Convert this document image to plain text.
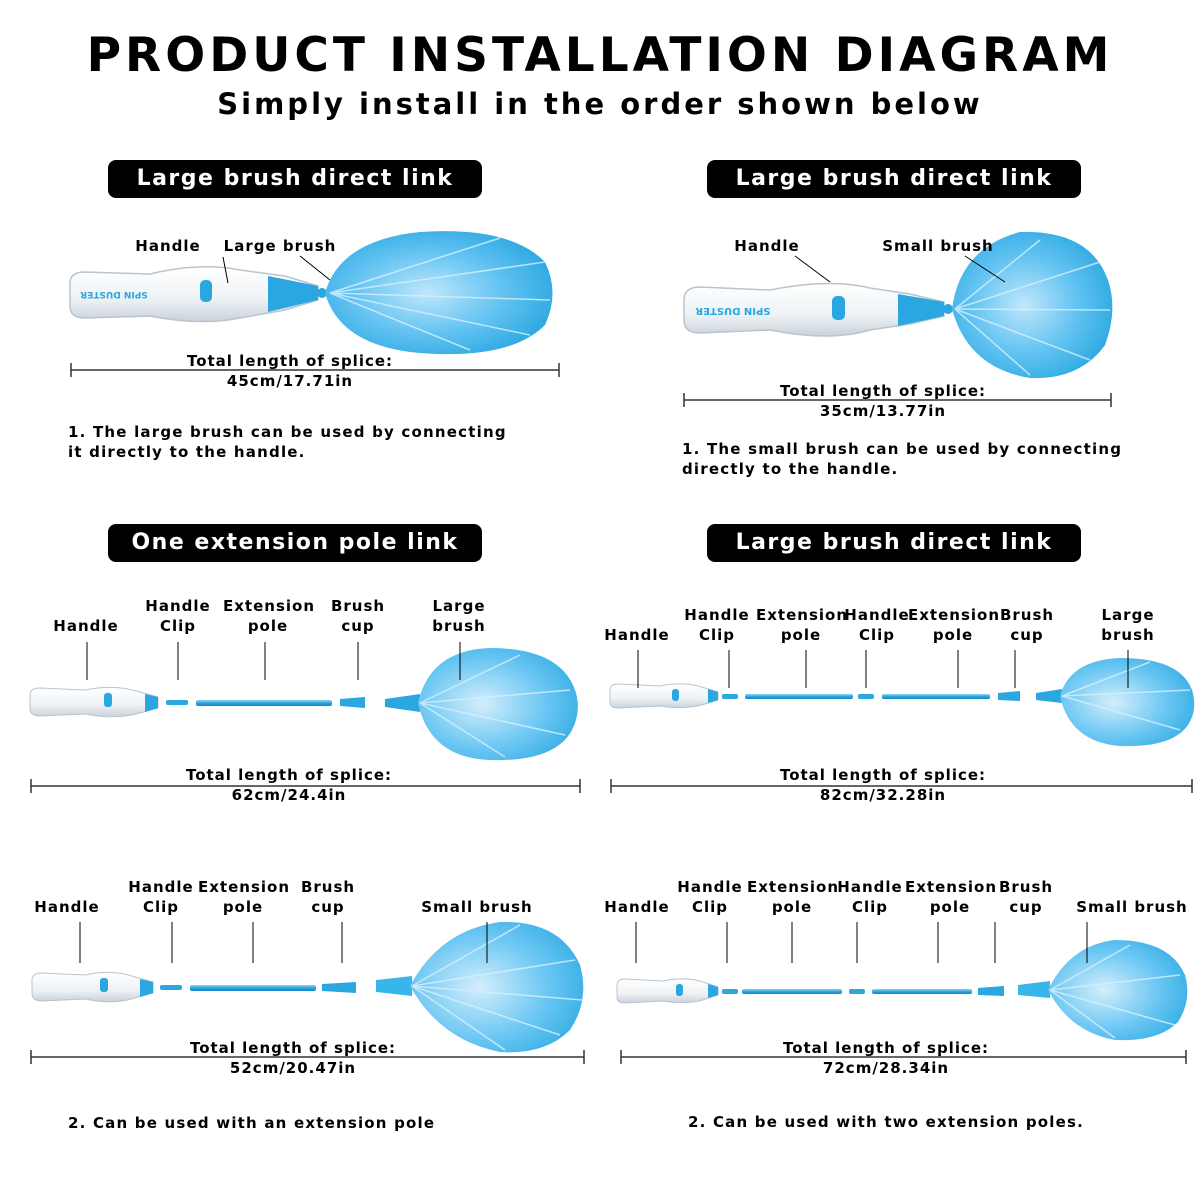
PRODUCT INSTALLATION DIAGRAM
Simply install in the order shown below
Large brush direct link	Large brush direct link
One extension pole link	Large brush direct link
SPIN DUSTER
SPIN DUSTER
Handle Large brush
Total length of splice:
45cm/17.71in
1. The large brush can be used by connecting
it directly to the handle.
Handle	Small brush
Total length of splice:
35cm/13.77in
1. The small brush can be used by connecting
directly to the handle.
Handle
Handle Clip
Extension pole
Brush cup
Large brush
Total length of splice:
62cm/24.4in
Handle
Handle Clip
Extension pole
Handle Clip
Extension pole
Brush cup
Large brush
Total length of splice:
82cm/32.28in
Handle
Handle Clip
Extension pole
Brush cup	Small brush
Total length of splice:
52cm/20.47in
2. Can be used with an extension pole
Handle
Handle Clip
Extension pole
Handle Clip
Extension pole
Brush cup	Small brush
Total length of splice:
72cm/28.34in
2. Can be used with two extension poles.
